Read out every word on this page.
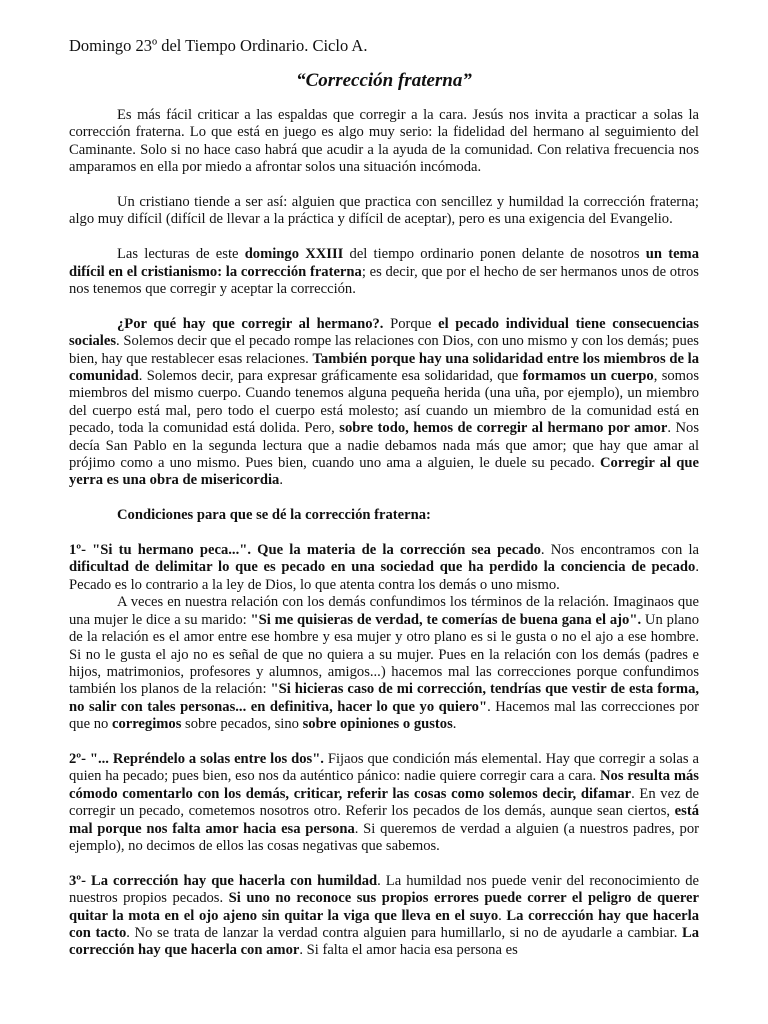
Domingo 23º del Tiempo Ordinario. Ciclo A.
“Corrección fraterna”

Es más fácil criticar a las espaldas que corregir a la cara. Jesús nos invita a practicar a solas la corrección fraterna. Lo que está en juego es algo muy serio: la fidelidad del hermano al seguimiento del Caminante. Solo si no hace caso habrá que acudir a la ayuda de la comunidad. Con relativa frecuencia nos amparamos en ella por miedo a afrontar solos una situación incómoda.

Un cristiano tiende a ser así: alguien que practica con sencillez y humildad la corrección fraterna; algo muy difícil (difícil de llevar a la práctica y difícil de aceptar), pero es una exigencia del Evangelio.

Las lecturas de este domingo XXIII del tiempo ordinario ponen delante de nosotros un tema difícil en el cristianismo: la corrección fraterna; es decir, que por el hecho de ser hermanos unos de otros nos tenemos que corregir y aceptar la corrección.

¿Por qué hay que corregir al hermano?. Porque el pecado individual tiene consecuencias sociales. Solemos decir que el pecado rompe las relaciones con Dios, con uno mismo y con los demás; pues bien, hay que restablecer esas relaciones. También porque hay una solidaridad entre los miembros de la comunidad. Solemos decir, para expresar gráficamente esa solidaridad, que formamos un cuerpo, somos miembros del mismo cuerpo. Cuando tenemos alguna pequeña herida (una uña, por ejemplo), un miembro del cuerpo está mal, pero todo el cuerpo está molesto; así cuando un miembro de la comunidad está en pecado, toda la comunidad está dolida. Pero, sobre todo, hemos de corregir al hermano por amor. Nos decía San Pablo en la segunda lectura que a nadie debamos nada más que amor; que hay que amar al prójimo como a uno mismo. Pues bien, cuando uno ama a alguien, le duele su pecado. Corregir al que yerra es una obra de misericordia.

Condiciones para que se dé la corrección fraterna:

1º- "Si tu hermano peca...". Que la materia de la corrección sea pecado. Nos encontramos con la dificultad de delimitar lo que es pecado en una sociedad que ha perdido la conciencia de pecado. Pecado es lo contrario a la ley de Dios, lo que atenta contra los demás o uno mismo.

A veces en nuestra relación con los demás confundimos los términos de la relación. Imaginaos que una mujer le dice a su marido: "Si me quisieras de verdad, te comerías de buena gana el ajo". Un plano de la relación es el amor entre ese hombre y esa mujer y otro plano es si le gusta o no el ajo a ese hombre. Si no le gusta el ajo no es señal de que no quiera a su mujer. Pues en la relación con los demás (padres e hijos, matrimonios, profesores y alumnos, amigos...) hacemos mal las correcciones porque confundimos también los planos de la relación: "Si hicieras caso de mi corrección, tendrías que vestir de esta forma, no salir con tales personas... en definitiva, hacer lo que yo quiero". Hacemos mal las correcciones por que no corregimos sobre pecados, sino sobre opiniones o gustos.

2º- "... Repréndelo a solas entre los dos". Fijaos que condición más elemental. Hay que corregir a solas a quien ha pecado; pues bien, eso nos da auténtico pánico: nadie quiere corregir cara a cara. Nos resulta más cómodo comentarlo con los demás, criticar, referir las cosas como solemos decir, difamar. En vez de corregir un pecado, cometemos nosotros otro. Referir los pecados de los demás, aunque sean ciertos, está mal porque nos falta amor hacia esa persona. Si queremos de verdad a alguien (a nuestros padres, por ejemplo), no decimos de ellos las cosas negativas que sabemos.

3º- La corrección hay que hacerla con humildad. La humildad nos puede venir del reconocimiento de nuestros propios pecados. Si uno no reconoce sus propios errores puede correr el peligro de querer quitar la mota en el ojo ajeno sin quitar la viga que lleva en el suyo. La corrección hay que hacerla con tacto. No se trata de lanzar la verdad contra alguien para humillarlo, si no de ayudarle a cambiar. La corrección hay que hacerla con amor. Si falta el amor hacia esa persona es
